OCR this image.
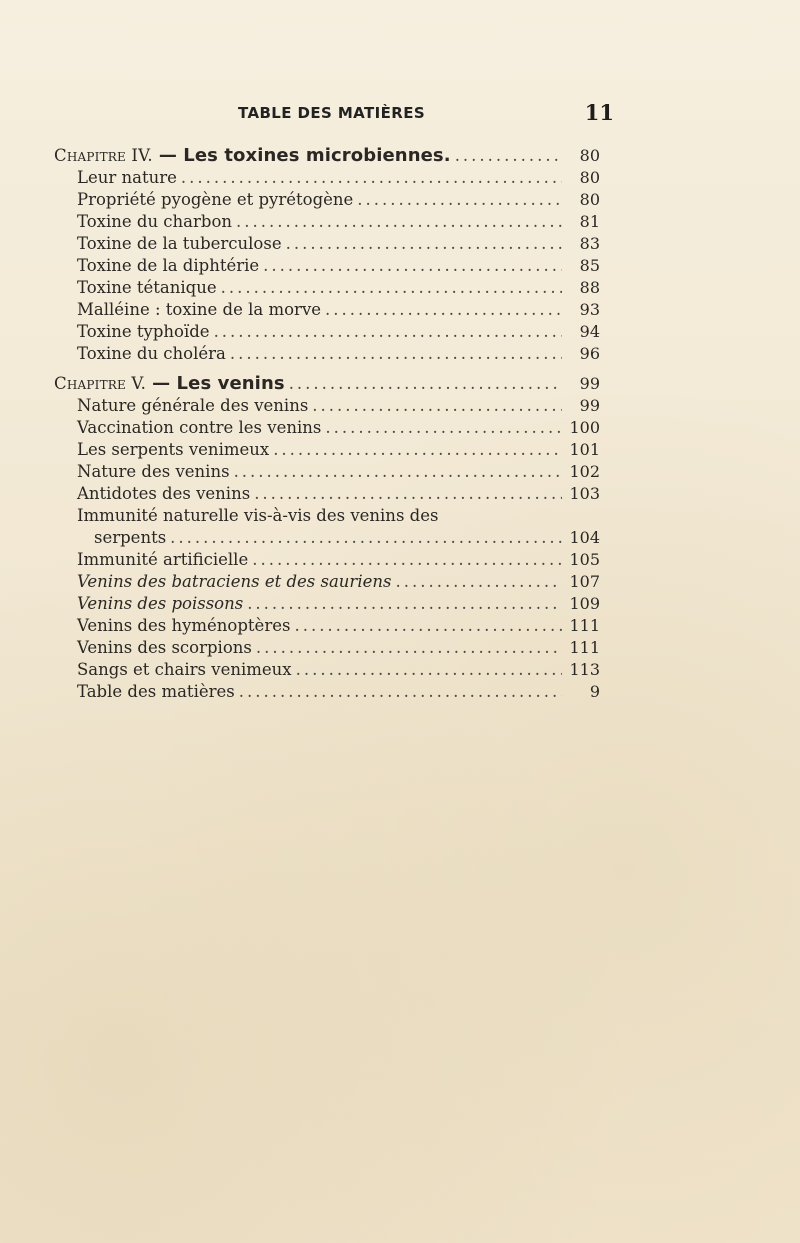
TABLE DES MATIÈRES	11
Chapitre IV. — Les toxines microbiennes. .....	80
Leur nature .....	80
Propriété pyogène et pyrétogène .....	80
Toxine du charbon .....	81
Toxine de la tuberculose .....	83
Toxine de la diphtérie .....	85
Toxine tétanique .....	88
Malléine : toxine de la morve .....	93
Toxine typhoïde .....	94
Toxine du choléra .....	96
Chapitre V. — Les venins .....	99
Nature générale des venins .....	99
Vaccination contre les venins .....	100
Les serpents venimeux .....	101
Nature des venins .....	102
Antidotes des venins .....	103
Immunité naturelle vis-à-vis des venins des
serpents .....	104
Immunité artificielle .....	105
Venins des batraciens et des sauriens .....	107
Venins des poissons .....	109
Venins des hyménoptères .....	111
Venins des scorpions .....	111
Sangs et chairs venimeux .....	113
Table des matières .....	9
